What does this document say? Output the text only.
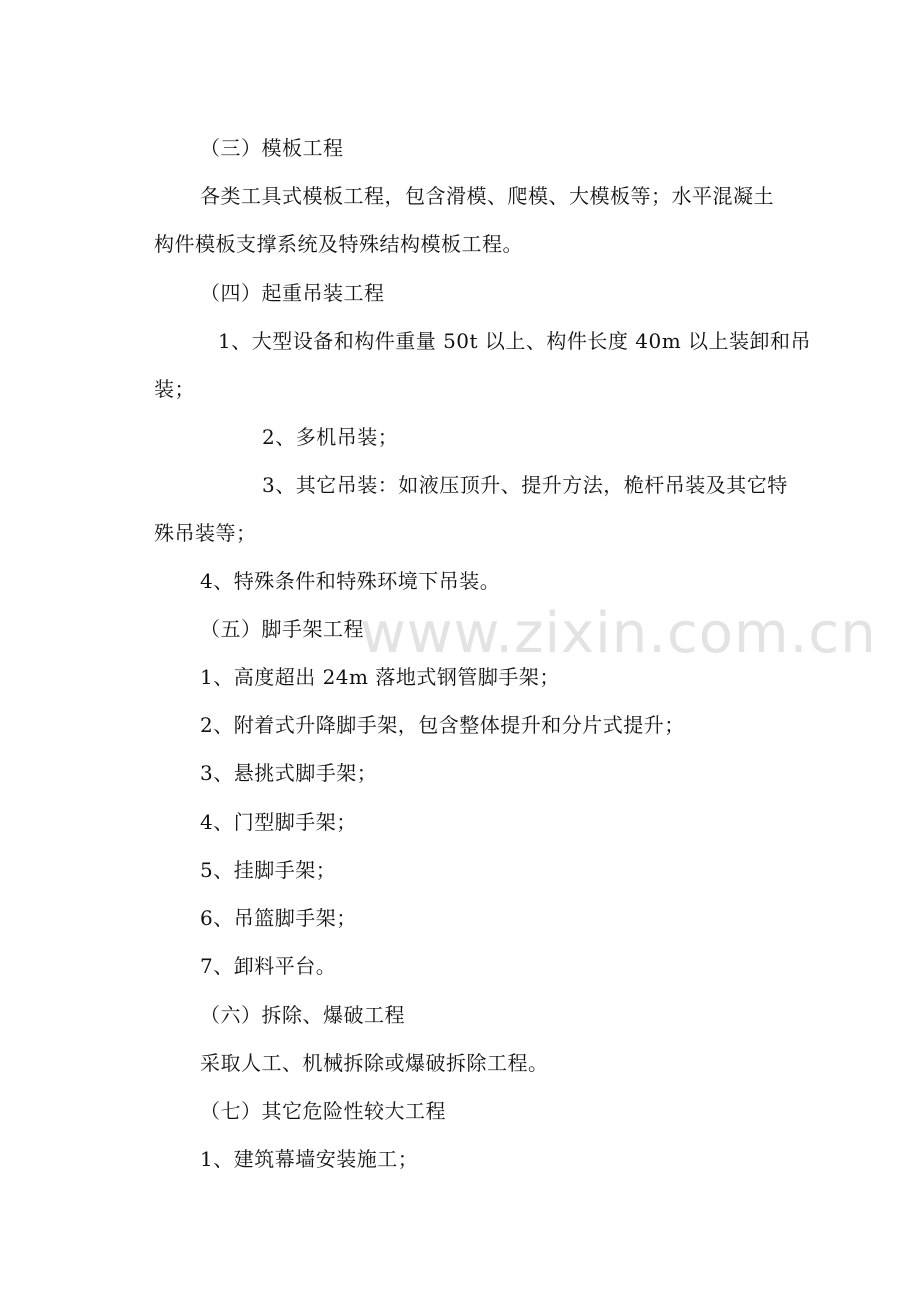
www.zixin.com.cn
（三）模板工程
各类工具式模板工程，包含滑模、爬模、大模板等；水平混凝土
构件模板支撑系统及特殊结构模板工程。
（四）起重吊装工程
1、大型设备和构件重量 50t 以上、构件长度 40m 以上装卸和吊
装；
2、多机吊装；
3、其它吊装：如液压顶升、提升方法，桅杆吊装及其它特
殊吊装等；
4、特殊条件和特殊环境下吊装。
（五）脚手架工程
1、高度超出 24m 落地式钢管脚手架；
2、附着式升降脚手架，包含整体提升和分片式提升；
3、悬挑式脚手架；
4、门型脚手架；
5、挂脚手架；
6、吊篮脚手架；
7、卸料平台。
（六）拆除、爆破工程
采取人工、机械拆除或爆破拆除工程。
（七）其它危险性较大工程
1、建筑幕墙安装施工；
